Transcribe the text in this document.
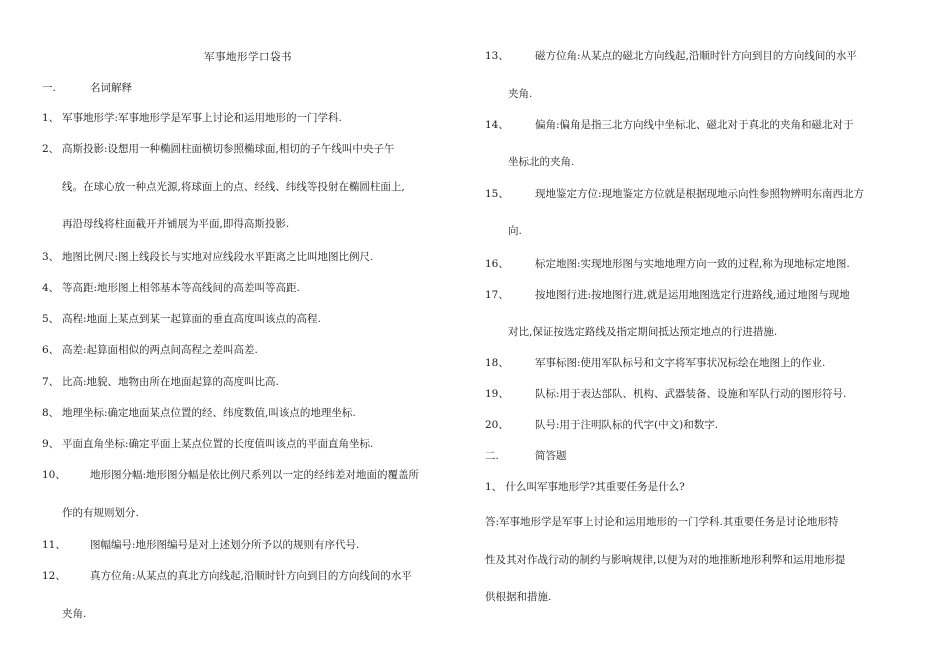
军事地形学口袋书
一.	名词解释
1、 军事地形学:军事地形学是军事上讨论和运用地形的一门学科.
2、 高斯投影:设想用一种椭圆柱面横切参照椭球面,相切的子午线叫中央子午
线。在球心放一种点光源,将球面上的点、经线、纬线等投射在椭圆柱面上,
再沿母线将柱面截开并铺展为平面,即得高斯投影.
3、 地图比例尺:图上线段长与实地对应线段水平距离之比叫地图比例尺.
4、 等高距:地形图上相邻基本等高线间的高差叫等高距.
5、 高程:地面上某点到某一起算面的垂直高度叫该点的高程.
6、 高差:起算面相似的两点间高程之差叫高差.
7、 比高:地貌、地物由所在地面起算的高度叫比高.
8、 地理坐标:确定地面某点位置的经、纬度数值,叫该点的地理坐标.
9、 平面直角坐标:确定平面上某点位置的长度值叫该点的平面直角坐标.
10、 地形图分幅:地形图分幅是依比例尺系列以一定的经纬差对地面的覆盖所
作的有规则划分.
11、 图幅编号:地形图编号是对上述划分所予以的规则有序代号.
12、 真方位角:从某点的真北方向线起,沿顺时针方向到目的方向线间的水平
夹角.
13、 磁方位角:从某点的磁北方向线起,沿顺时针方向到目的方向线间的水平
夹角.
14、 偏角:偏角是指三北方向线中坐标北、磁北对于真北的夹角和磁北对于
坐标北的夹角.
15、 现地鉴定方位:现地鉴定方位就是根据现地示向性参照物辨明东南西北方
向.
16、 标定地图:实现地形图与实地地理方向一致的过程,称为现地标定地图.
17、 按地图行进:按地图行进,就是运用地图选定行进路线,通过地图与现地
对比,保证按选定路线及指定期间抵达预定地点的行进措施.
18、 军事标图:使用军队标号和文字将军事状况标绘在地图上的作业.
19、 队标:用于表达部队、机构、武器装备、设施和军队行动的图形符号.
20、 队号:用于注明队标的代字(中文)和数字.
二.	简答题
1、 什么叫军事地形学?其重要任务是什么?
答:军事地形学是军事上讨论和运用地形的一门学科.其重要任务是讨论地形特
性及其对作战行动的制约与影响规律,以便为对的地推断地形利弊和运用地形提
供根据和措施.
